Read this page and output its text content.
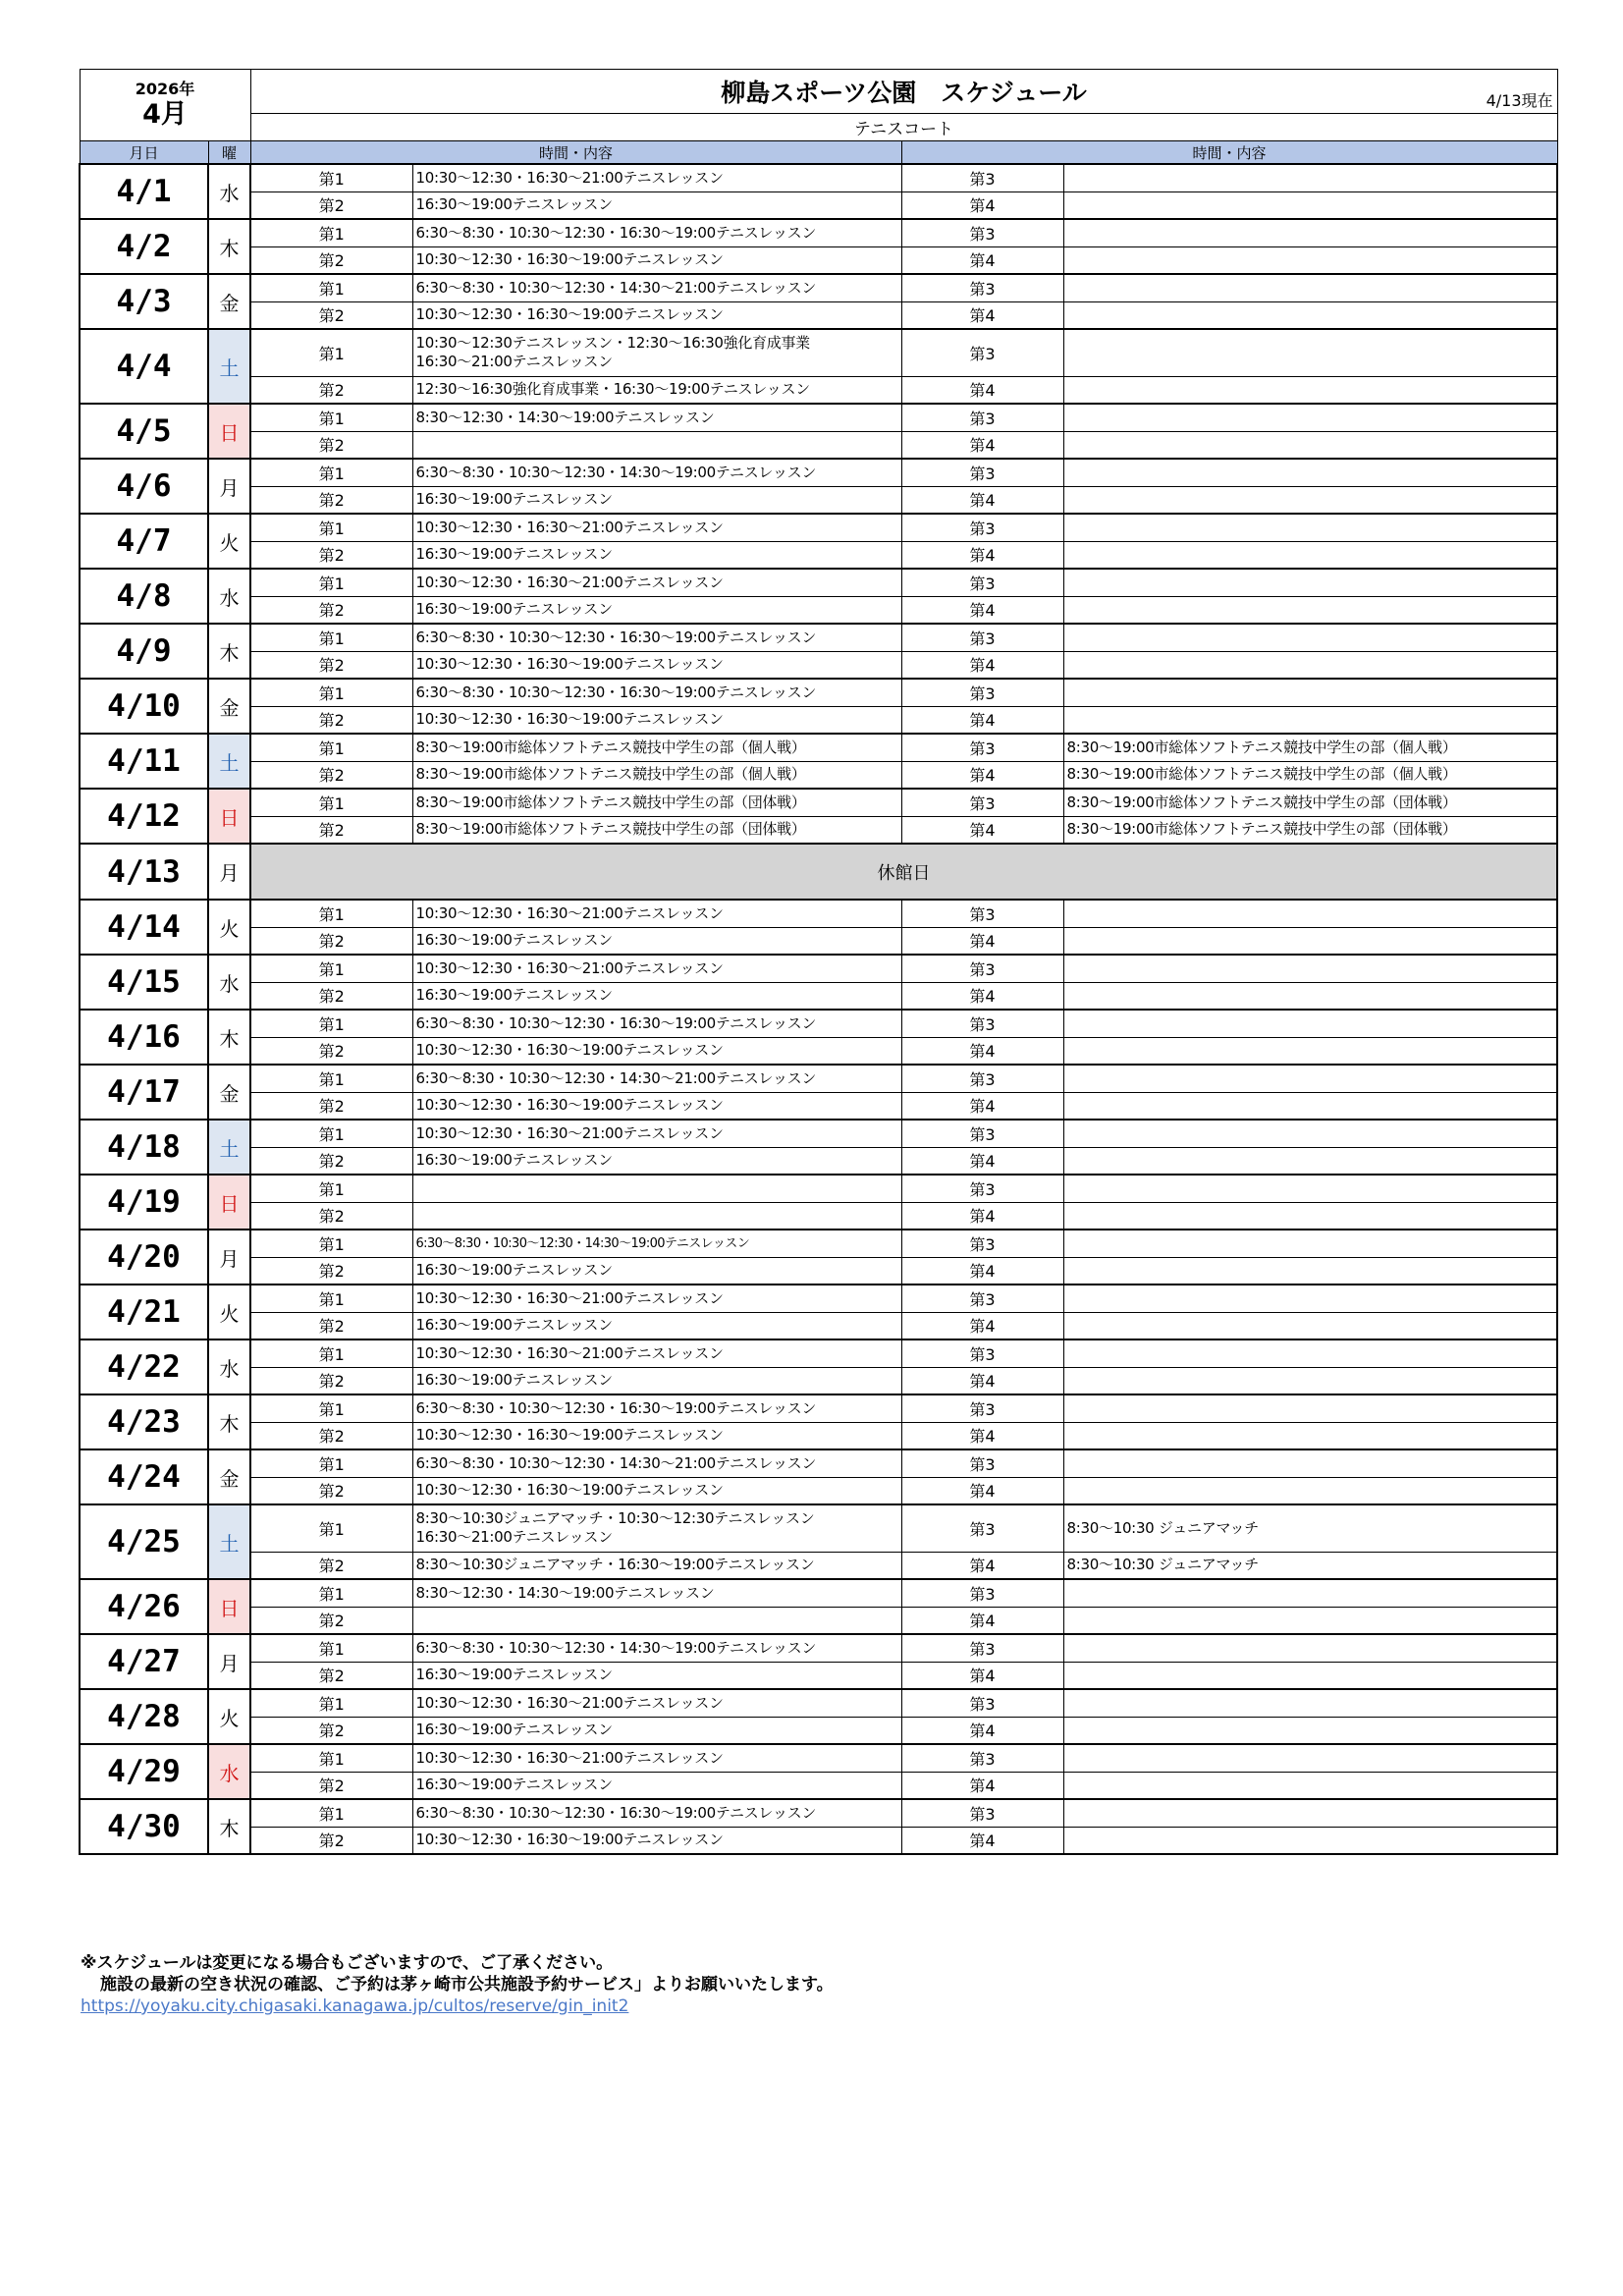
2026年
4月		柳島スポーツ公園　スケジュール 4/13現在			

		テニスコート			
月日	曜	時間・内容		時間・内容	
4/1	水	第1	10:30～12:30・16:30～21:00テニスレッスン	第3	
		第2	16:30～19:00テニスレッスン	第4	
4/2	木	第1	6:30～8:30・10:30～12:30・16:30～19:00テニスレッスン	第3	
		第2	10:30～12:30・16:30～19:00テニスレッスン	第4	
4/3	金	第1	6:30～8:30・10:30～12:30・14:30～21:00テニスレッスン	第3	
		第2	10:30～12:30・16:30～19:00テニスレッスン	第4	
4/4	土	第1	10:30～12:30テニスレッスン・12:30～16:30強化育成事業
16:30～21:00テニスレッスン	第3	
		第2	12:30～16:30強化育成事業・16:30～19:00テニスレッスン	第4	
4/5	日	第1	8:30～12:30・14:30～19:00テニスレッスン	第3	
		第2		第4	
4/6	月	第1	6:30～8:30・10:30～12:30・14:30～19:00テニスレッスン	第3	
		第2	16:30～19:00テニスレッスン	第4	
4/7	火	第1	10:30～12:30・16:30～21:00テニスレッスン	第3	
		第2	16:30～19:00テニスレッスン	第4	
4/8	水	第1	10:30～12:30・16:30～21:00テニスレッスン	第3	
		第2	16:30～19:00テニスレッスン	第4	
4/9	木	第1	6:30～8:30・10:30～12:30・16:30～19:00テニスレッスン	第3	
		第2	10:30～12:30・16:30～19:00テニスレッスン	第4	
4/10	金	第1	6:30～8:30・10:30～12:30・16:30～19:00テニスレッスン	第3	
		第2	10:30～12:30・16:30～19:00テニスレッスン	第4	
4/11	土	第1	8:30～19:00市総体ソフトテニス競技中学生の部（個人戦）	第3	8:30～19:00市総体ソフトテニス競技中学生の部（個人戦）

		第2	8:30～19:00市総体ソフトテニス競技中学生の部（個人戦）	第4	8:30～19:00市総体ソフトテニス競技中学生の部（個人戦）

4/12	日	第1	8:30～19:00市総体ソフトテニス競技中学生の部（団体戦）	第3	8:30～19:00市総体ソフトテニス競技中学生の部（団体戦）

		第2	8:30～19:00市総体ソフトテニス競技中学生の部（団体戦）	第4	8:30～19:00市総体ソフトテニス競技中学生の部（団体戦）

4/13	月	休館日			
4/14	火	第1	10:30～12:30・16:30～21:00テニスレッスン	第3	
		第2	16:30～19:00テニスレッスン	第4	
4/15	水	第1	10:30～12:30・16:30～21:00テニスレッスン	第3	
		第2	16:30～19:00テニスレッスン	第4	
4/16	木	第1	6:30～8:30・10:30～12:30・16:30～19:00テニスレッスン	第3	
		第2	10:30～12:30・16:30～19:00テニスレッスン	第4	
4/17	金	第1	6:30～8:30・10:30～12:30・14:30～21:00テニスレッスン	第3	
		第2	10:30～12:30・16:30～19:00テニスレッスン	第4	
4/18	土	第1	10:30～12:30・16:30～21:00テニスレッスン	第3	
		第2	16:30～19:00テニスレッスン	第4	
4/19	日	第1		第3	
		第2		第4	
4/20	月	第1	6:30～8:30・10:30～12:30・14:30～19:00テニスレッスン	第3	
		第2	16:30～19:00テニスレッスン	第4	
4/21	火	第1	10:30～12:30・16:30～21:00テニスレッスン	第3	
		第2	16:30～19:00テニスレッスン	第4	
4/22	水	第1	10:30～12:30・16:30～21:00テニスレッスン	第3	
		第2	16:30～19:00テニスレッスン	第4	
4/23	木	第1	6:30～8:30・10:30～12:30・16:30～19:00テニスレッスン	第3	
		第2	10:30～12:30・16:30～19:00テニスレッスン	第4	
4/24	金	第1	6:30～8:30・10:30～12:30・14:30～21:00テニスレッスン	第3	
		第2	10:30～12:30・16:30～19:00テニスレッスン	第4	
4/25	土	第1	8:30～10:30ジュニアマッチ・10:30～12:30テニスレッスン
16:30～21:00テニスレッスン	第3	8:30～10:30 ジュニアマッチ

		第2	8:30～10:30ジュニアマッチ・16:30～19:00テニスレッスン	第4	8:30～10:30 ジュニアマッチ

4/26	日	第1	8:30～12:30・14:30～19:00テニスレッスン	第3	
		第2		第4	
4/27	月	第1	6:30～8:30・10:30～12:30・14:30～19:00テニスレッスン	第3	
		第2	16:30～19:00テニスレッスン	第4	
4/28	火	第1	10:30～12:30・16:30～21:00テニスレッスン	第3	
		第2	16:30～19:00テニスレッスン	第4	
4/29	水	第1	10:30～12:30・16:30～21:00テニスレッスン	第3	
		第2	16:30～19:00テニスレッスン	第4	
4/30	木	第1	6:30～8:30・10:30～12:30・16:30～19:00テニスレッスン	第3	
		第2	10:30～12:30・16:30～19:00テニスレッスン	第4	
※スケジュールは変更になる場合もございますので、ご了承ください。
施設の最新の空き状況の確認、ご予約は茅ヶ崎市公共施設予約サービス」よりお願いいたします。
https://yoyaku.city.chigasaki.kanagawa.jp/cultos/reserve/gin_init2
